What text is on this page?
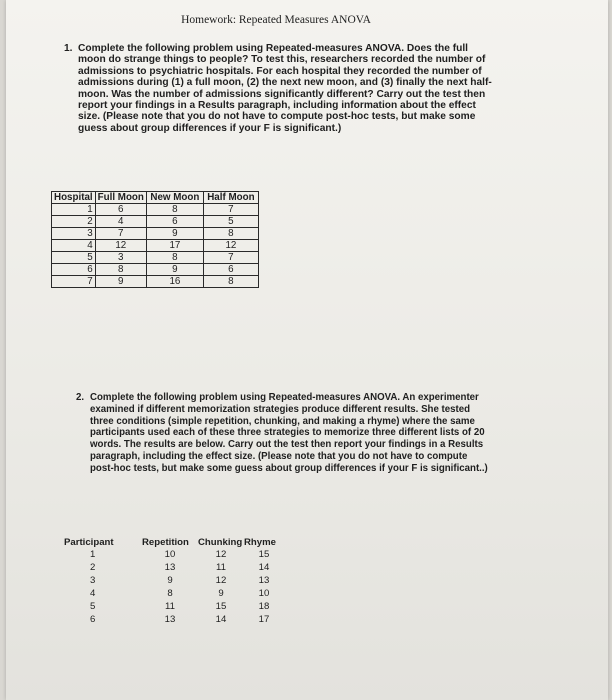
Homework: Repeated Measures ANOVA
1. Complete the following problem using Repeated-measures ANOVA. Does the full moon do strange things to people? To test this, researchers recorded the number of admissions to psychiatric hospitals. For each hospital they recorded the number of admissions during (1) a full moon, (2) the next new moon, and (3) finally the next half-moon. Was the number of admissions significantly different? Carry out the test then report your findings in a Results paragraph, including information about the effect size. (Please note that you do not have to compute post-hoc tests, but make some guess about group differences if your F is significant.)
Hospital	Full Moon	New Moon	Half Moon
1	6	8	7
2	4	6	5
3	7	9	8
4	12	17	12
5	3	8	7
6	8	9	6
7	9	16	8
2. Complete the following problem using Repeated-measures ANOVA. An experimenter examined if different memorization strategies produce different results. She tested three conditions (simple repetition, chunking, and making a rhyme) where the same participants used each of these three strategies to memorize three different lists of 20 words. The results are below. Carry out the test then report your findings in a Results paragraph, including the effect size. (Please note that you do not have to compute post-hoc tests, but make some guess about group differences if your F is significant..)
Participant	Repetition	Chunking	Rhyme
1	10	12	15
2	13	11	14
3	9	12	13
4	8	9	10
5	11	15	18
6	13	14	17
